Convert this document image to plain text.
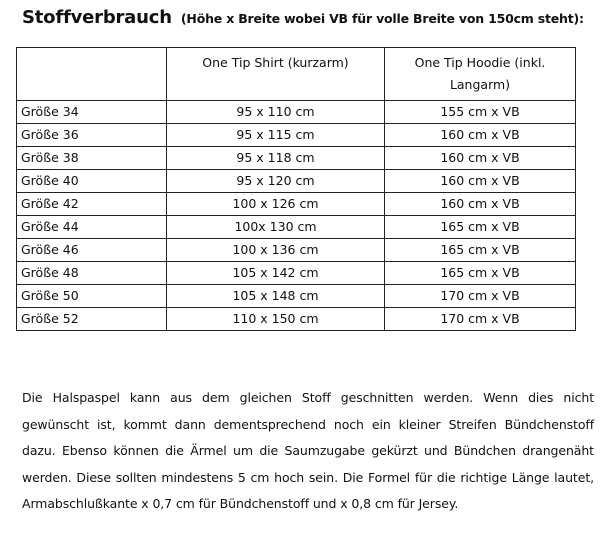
Stoffverbrauch (Höhe x Breite wobei VB für volle Breite von 150cm steht):
	One Tip Shirt (kurzarm)	One Tip Hoodie (inkl. Langarm)
Größe 34	95 x 110 cm	155 cm x VB
Größe 36	95 x 115 cm	160 cm x VB
Größe 38	95 x 118 cm	160 cm x VB
Größe 40	95 x 120 cm	160 cm x VB
Größe 42	100 x 126 cm	160 cm x VB
Größe 44	100x 130 cm	165 cm x VB
Größe 46	100 x 136 cm	165 cm x VB
Größe 48	105 x 142 cm	165 cm x VB
Größe 50	105 x 148 cm	170 cm x VB
Größe 52	110 x 150 cm	170 cm x VB

Die Halspaspel kann aus dem gleichen Stoff geschnitten werden. Wenn dies nicht gewünscht ist, kommt dann dementsprechend noch ein kleiner Streifen Bündchenstoff dazu. Ebenso können die Ärmel um die Saumzugabe gekürzt und Bündchen drangenäht werden. Diese sollten mindestens 5 cm hoch sein. Die Formel für die richtige Länge lautet, Armabschlußkante x 0,7 cm für Bündchenstoff und x 0,8 cm für Jersey.
